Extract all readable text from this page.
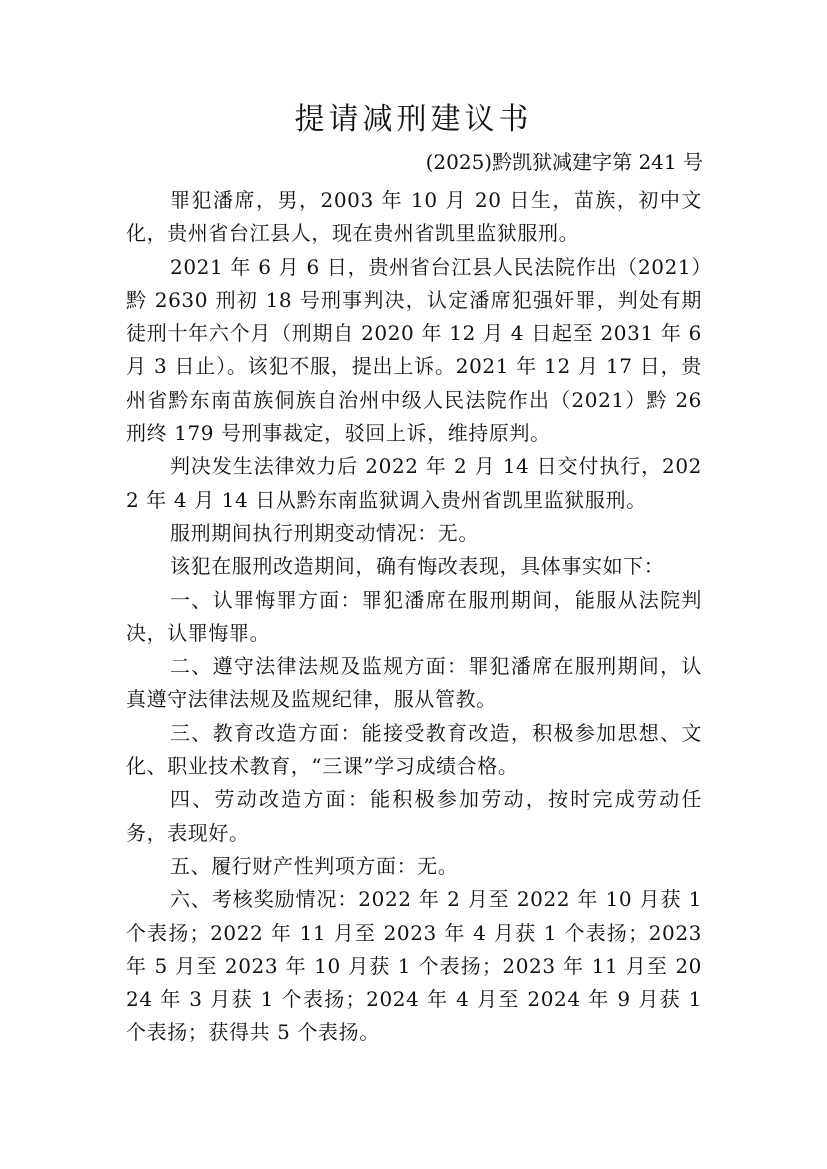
提请减刑建议书
(2025)黔凯狱减建字第 241 号

罪犯潘席，男，2003 年 10 月 20 日生，苗族，初中文化，贵州省台江县人，现在贵州省凯里监狱服刑。

2021 年 6 月 6 日，贵州省台江县人民法院作出（2021）黔 2630 刑初 18 号刑事判决，认定潘席犯强奸罪，判处有期徒刑十年六个月（刑期自 2020 年 12 月 4 日起至 2031 年 6 月 3 日止）。该犯不服，提出上诉。2021 年 12 月 17 日，贵州省黔东南苗族侗族自治州中级人民法院作出（2021）黔 26 刑终 179 号刑事裁定，驳回上诉，维持原判。

判决发生法律效力后 2022 年 2 月 14 日交付执行，2022 年 4 月 14 日从黔东南监狱调入贵州省凯里监狱服刑。

服刑期间执行刑期变动情况：无。

该犯在服刑改造期间，确有悔改表现，具体事实如下：

一、认罪悔罪方面：罪犯潘席在服刑期间，能服从法院判决，认罪悔罪。

二、遵守法律法规及监规方面：罪犯潘席在服刑期间，认真遵守法律法规及监规纪律，服从管教。

三、教育改造方面：能接受教育改造，积极参加思想、文化、职业技术教育，“三课”学习成绩合格。

四、劳动改造方面：能积极参加劳动，按时完成劳动任务，表现好。

五、履行财产性判项方面：无。

六、考核奖励情况：2022 年 2 月至 2022 年 10 月获 1 个表扬；2022 年 11 月至 2023 年 4 月获 1 个表扬；2023 年 5 月至 2023 年 10 月获 1 个表扬；2023 年 11 月至 2024 年 3 月获 1 个表扬；2024 年 4 月至 2024 年 9 月获 1 个表扬；获得共 5 个表扬。
